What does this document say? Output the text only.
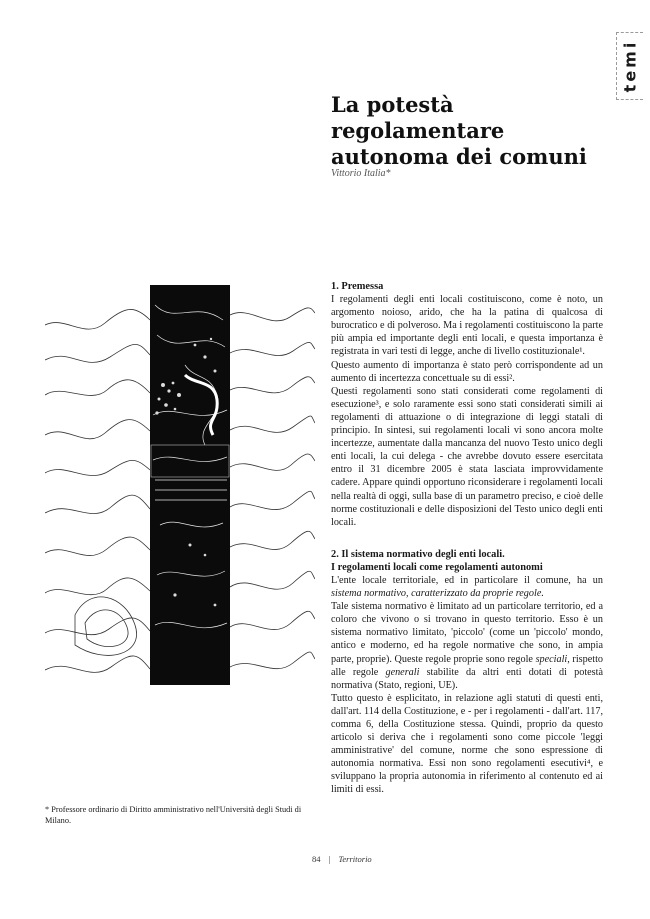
temi
La potestà regolamentare autonoma dei comuni
Vittorio Italia*
1. Premessa

I regolamenti degli enti locali costituiscono, come è noto, un argomento noioso, arido, che ha la patina di qualcosa di burocratico e di polveroso. Ma i regolamenti costituiscono la parte più ampia ed importante degli enti locali, e questa importanza è registrata in vari testi di legge, anche di livello costituzionale¹.

Questo aumento di importanza è stato però corrispondente ad un aumento di incertezza concettuale su di essi².

Questi regolamenti sono stati considerati come regolamenti di esecuzione³, e solo raramente essi sono stati considerati simili ai regolamenti di attuazione o di integrazione di leggi statali di principio. In sintesi, sui regolamenti locali vi sono ancora molte incertezze, aumentate dalla mancanza del nuovo Testo unico degli enti locali, la cui delega - che avrebbe dovuto essere esercitata entro il 31 dicembre 2005 è stata lasciata improvvidamente cadere. Appare quindi opportuno riconsiderare i regolamenti locali nella realtà di oggi, sulla base di un parametro preciso, e cioè delle norme costituzionali e delle disposizioni del Testo unico degli enti locali.

2. Il sistema normativo degli enti locali.
I regolamenti locali come regolamenti autonomi

L'ente locale territoriale, ed in particolare il comune, ha un sistema normativo, caratterizzato da proprie regole.

Tale sistema normativo è limitato ad un particolare territorio, ed a coloro che vivono o si trovano in questo territorio. Esso è un sistema normativo limitato, 'piccolo' (come un 'piccolo' mondo, antico e moderno, ed ha regole normative che sono, in ampia parte, proprie). Queste regole proprie sono regole speciali, rispetto alle regole generali stabilite da altri enti dotati di potestà normativa (Stato, regioni, UE).

Tutto questo è esplicitato, in relazione agli statuti di questi enti, dall'art. 114 della Costituzione, e - per i regolamenti - dall'art. 117, comma 6, della Costituzione stessa. Quindi, proprio da questo articolo si deriva che i regolamenti sono come piccole 'leggi amministrative' del comune, norme che sono espressione di autonomia normativa. Essi non sono regolamenti esecutivi⁴, e sviluppano la propria autonomia in riferimento al contenuto ed ai limiti di essi.

* Professore ordinario di Diritto amministrativo nell'Università degli Studi di Milano.
84 | Territorio
